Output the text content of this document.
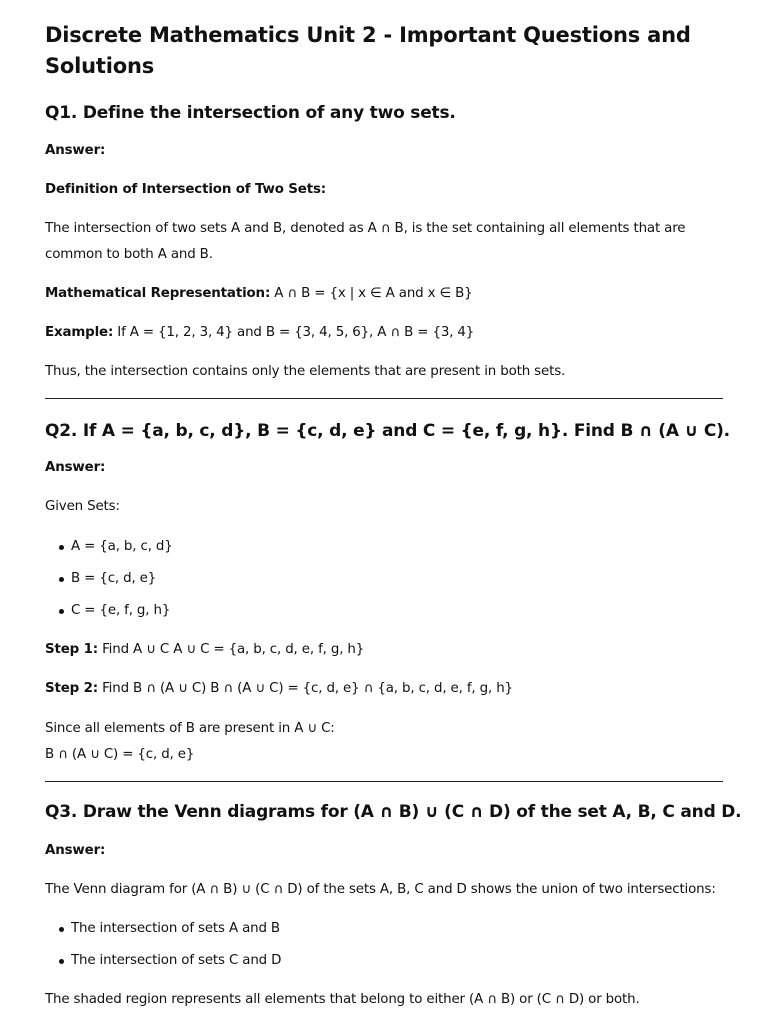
Discrete Mathematics Unit 2 - Important Questions and Solutions
Q1. Define the intersection of any two sets.

Answer:

Definition of Intersection of Two Sets:

The intersection of two sets A and B, denoted as A ∩ B, is the set containing all elements that are common to both A and B.

Mathematical Representation: A ∩ B = {x | x ∈ A and x ∈ B}

Example: If A = {1, 2, 3, 4} and B = {3, 4, 5, 6}, A ∩ B = {3, 4}

Thus, the intersection contains only the elements that are present in both sets.

Q2. If A = {a, b, c, d}, B = {c, d, e} and C = {e, f, g, h}. Find B ∩ (A ∪ C).

Answer:

Given Sets:

A = {a, b, c, d}
B = {c, d, e}
C = {e, f, g, h}

Step 1: Find A ∪ C A ∪ C = {a, b, c, d, e, f, g, h}

Step 2: Find B ∩ (A ∪ C) B ∩ (A ∪ C) = {c, d, e} ∩ {a, b, c, d, e, f, g, h}

Since all elements of B are present in A ∪ C:

B ∩ (A ∪ C) = {c, d, e}

Q3. Draw the Venn diagrams for (A ∩ B) ∪ (C ∩ D) of the set A, B, C and D.

Answer:

The Venn diagram for (A ∩ B) ∪ (C ∩ D) of the sets A, B, C and D shows the union of two intersections:

The intersection of sets A and B
The intersection of sets C and D

The shaded region represents all elements that belong to either (A ∩ B) or (C ∩ D) or both.
